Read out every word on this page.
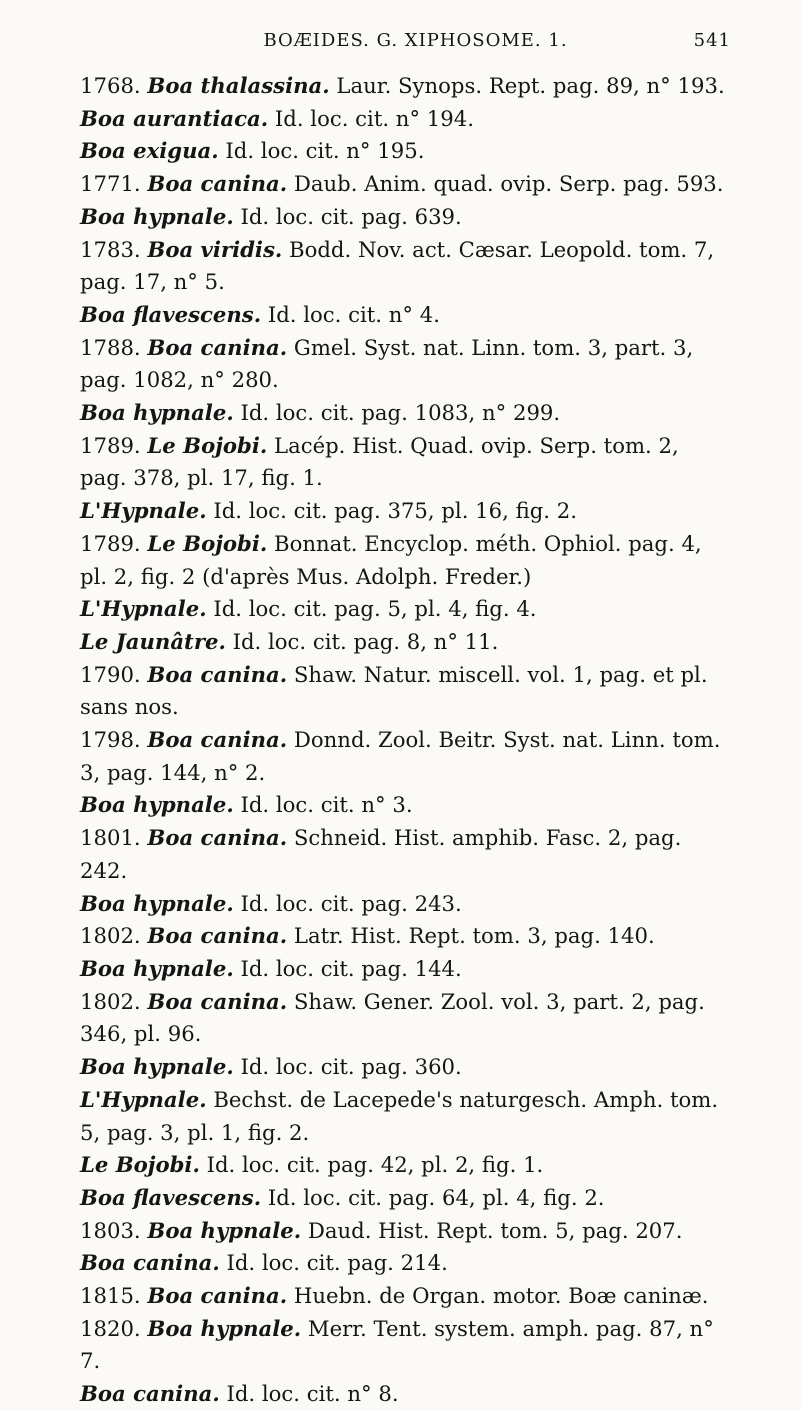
BOÆIDES. G. XIPHOSOME. 1.	541

1768. Boa thalassina. Laur. Synops. Rept. pag. 89, n° 193.

Boa aurantiaca. Id. loc. cit. n° 194.

Boa exigua. Id. loc. cit. n° 195.

1771. Boa canina. Daub. Anim. quad. ovip. Serp. pag. 593.

Boa hypnale. Id. loc. cit. pag. 639.

1783. Boa viridis. Bodd. Nov. act. Cæsar. Leopold. tom. 7, pag. 17, n° 5.

Boa flavescens. Id. loc. cit. n° 4.

1788. Boa canina. Gmel. Syst. nat. Linn. tom. 3, part. 3, pag. 1082, n° 280.

Boa hypnale. Id. loc. cit. pag. 1083, n° 299.

1789. Le Bojobi. Lacép. Hist. Quad. ovip. Serp. tom. 2, pag. 378, pl. 17, fig. 1.

L'Hypnale. Id. loc. cit. pag. 375, pl. 16, fig. 2.

1789. Le Bojobi. Bonnat. Encyclop. méth. Ophiol. pag. 4, pl. 2, fig. 2 (d'après Mus. Adolph. Freder.)

L'Hypnale. Id. loc. cit. pag. 5, pl. 4, fig. 4.

Le Jaunâtre. Id. loc. cit. pag. 8, n° 11.

1790. Boa canina. Shaw. Natur. miscell. vol. 1, pag. et pl. sans nos.

1798. Boa canina. Donnd. Zool. Beitr. Syst. nat. Linn. tom. 3, pag. 144, n° 2.

Boa hypnale. Id. loc. cit. n° 3.

1801. Boa canina. Schneid. Hist. amphib. Fasc. 2, pag. 242.

Boa hypnale. Id. loc. cit. pag. 243.

1802. Boa canina. Latr. Hist. Rept. tom. 3, pag. 140.

Boa hypnale. Id. loc. cit. pag. 144.

1802. Boa canina. Shaw. Gener. Zool. vol. 3, part. 2, pag. 346, pl. 96.

Boa hypnale. Id. loc. cit. pag. 360.

L'Hypnale. Bechst. de Lacepede's naturgesch. Amph. tom. 5, pag. 3, pl. 1, fig. 2.

Le Bojobi. Id. loc. cit. pag. 42, pl. 2, fig. 1.

Boa flavescens. Id. loc. cit. pag. 64, pl. 4, fig. 2.

1803. Boa hypnale. Daud. Hist. Rept. tom. 5, pag. 207.

Boa canina. Id. loc. cit. pag. 214.

1815. Boa canina. Huebn. de Organ. motor. Boæ caninæ.

1820. Boa hypnale. Merr. Tent. system. amph. pag. 87, n° 7.

Boa canina. Id. loc. cit. n° 8.
